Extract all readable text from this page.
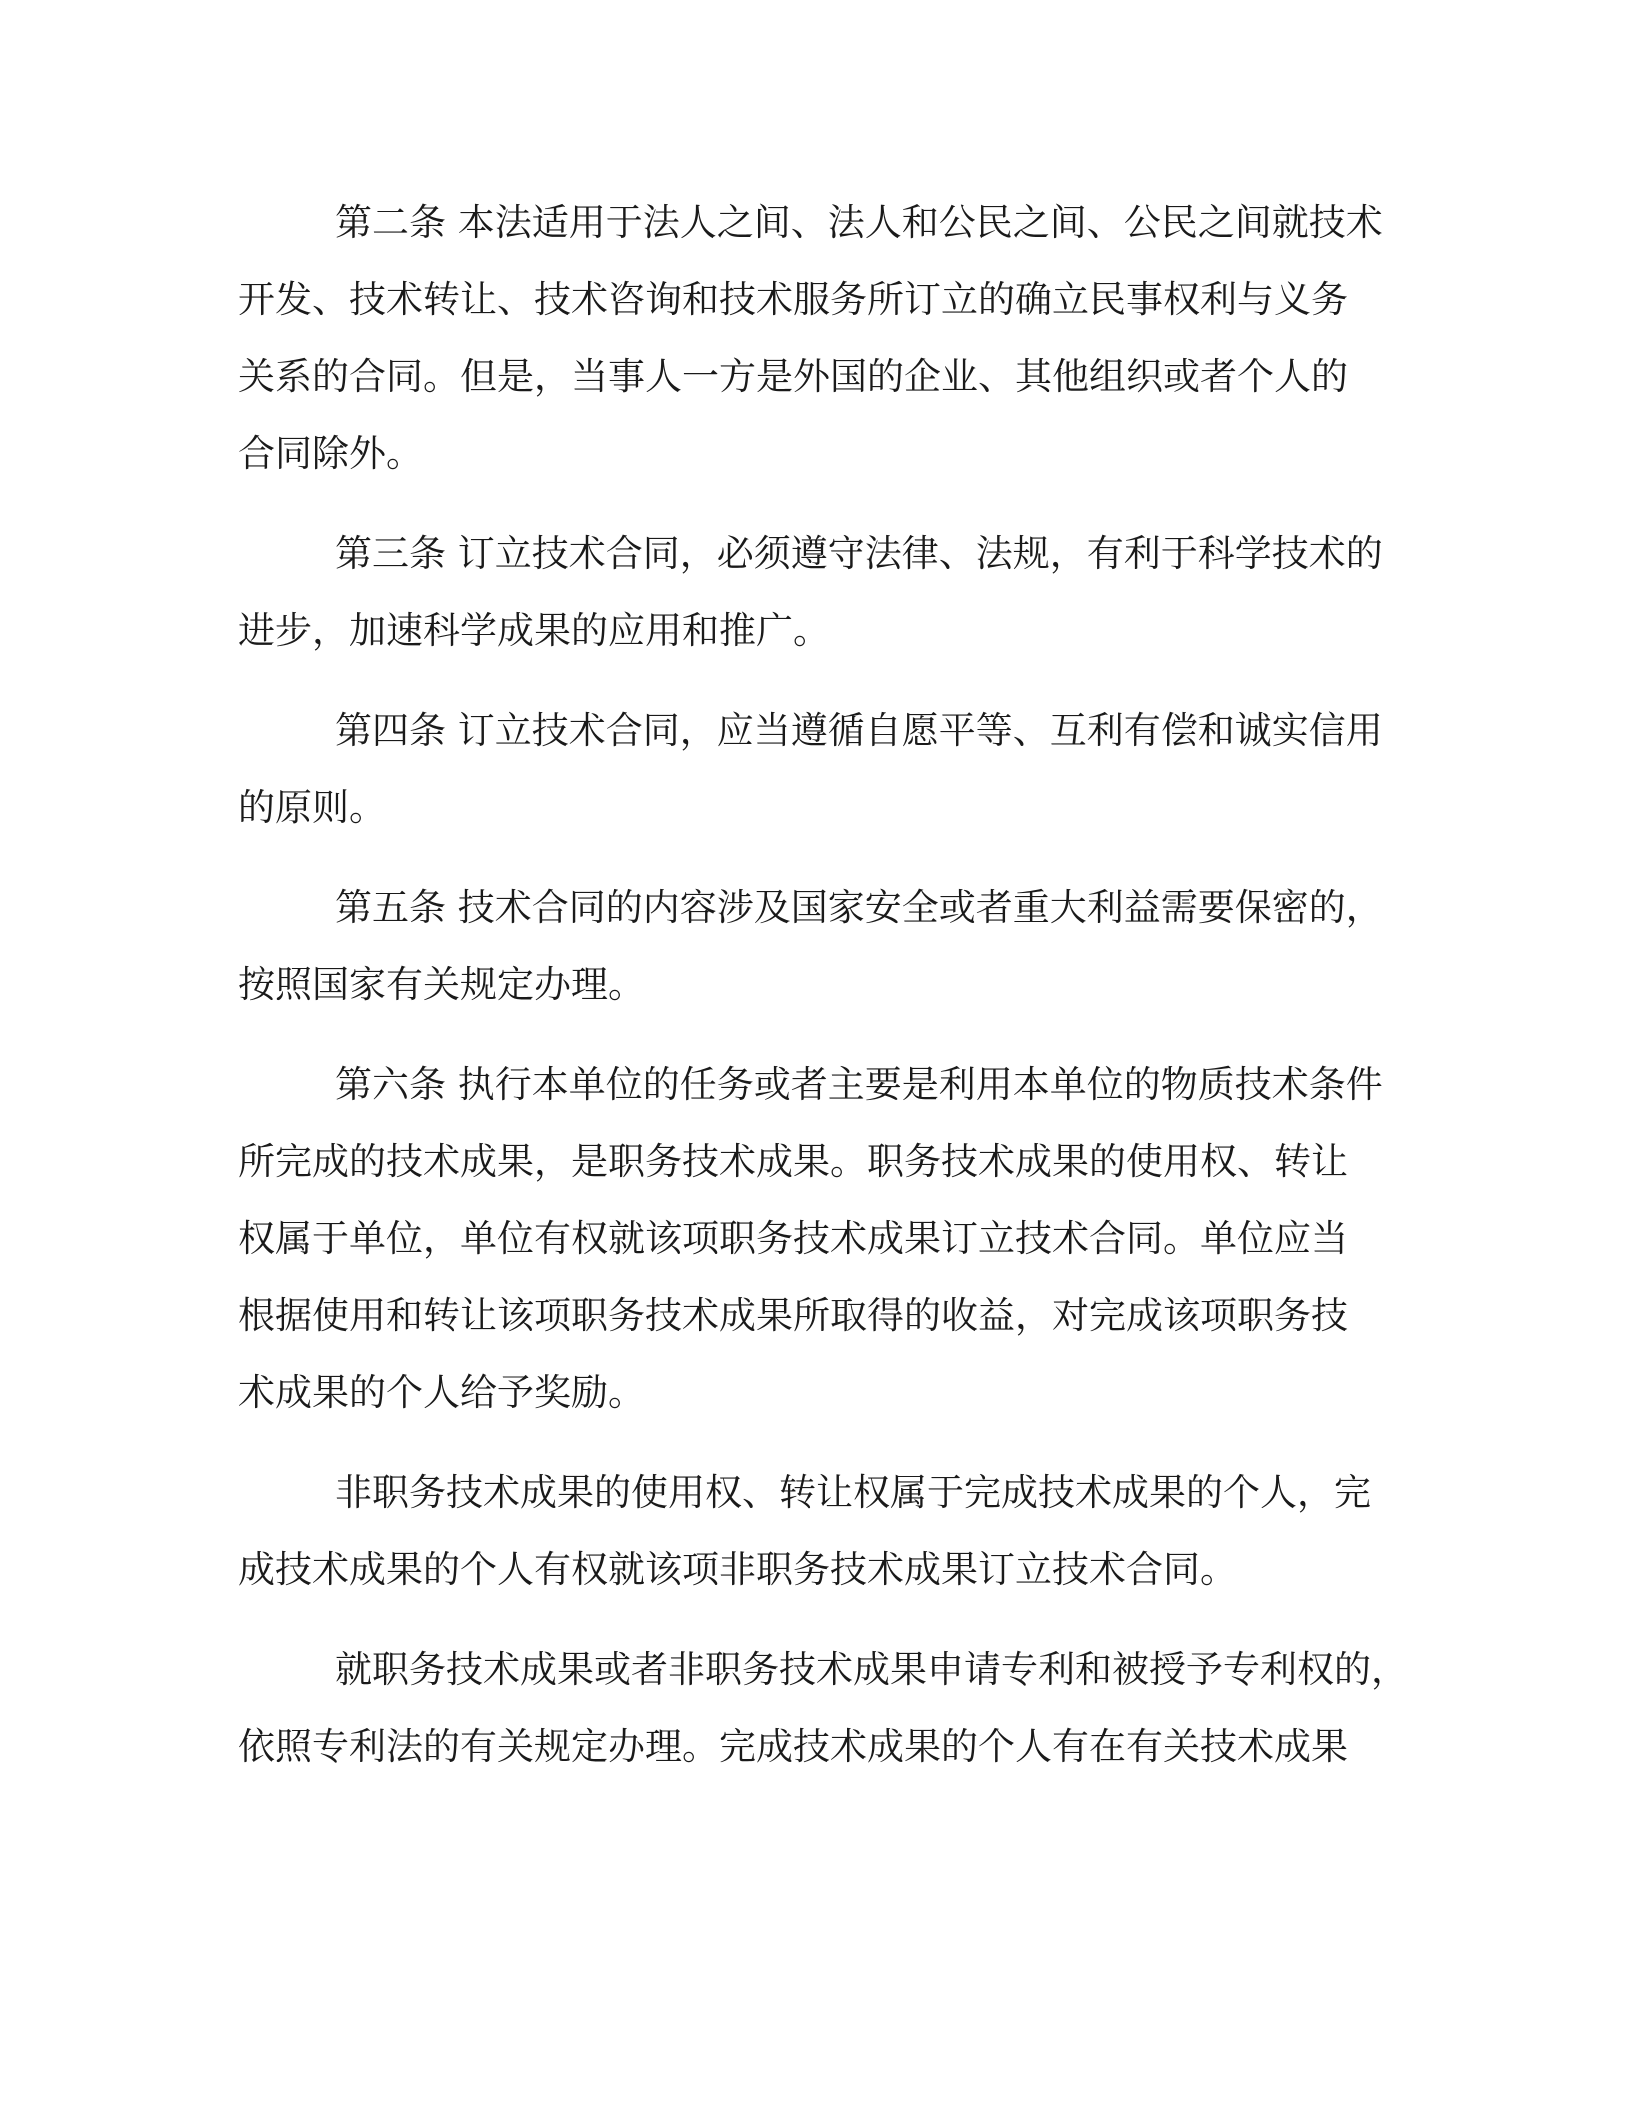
第二条 本法适用于法人之间、法人和公民之间、公民之间就技术
开发、技术转让、技术咨询和技术服务所订立的确立民事权利与义务
关系的合同。但是，当事人一方是外国的企业、其他组织或者个人的
合同除外。

第三条 订立技术合同，必须遵守法律、法规，有利于科学技术的
进步，加速科学成果的应用和推广。

第四条 订立技术合同，应当遵循自愿平等、互利有偿和诚实信用
的原则。

第五条 技术合同的内容涉及国家安全或者重大利益需要保密的，
按照国家有关规定办理。

第六条 执行本单位的任务或者主要是利用本单位的物质技术条件
所完成的技术成果，是职务技术成果。职务技术成果的使用权、转让
权属于单位，单位有权就该项职务技术成果订立技术合同。单位应当
根据使用和转让该项职务技术成果所取得的收益，对完成该项职务技
术成果的个人给予奖励。

非职务技术成果的使用权、转让权属于完成技术成果的个人，完
成技术成果的个人有权就该项非职务技术成果订立技术合同。

就职务技术成果或者非职务技术成果申请专利和被授予专利权的，
依照专利法的有关规定办理。完成技术成果的个人有在有关技术成果
